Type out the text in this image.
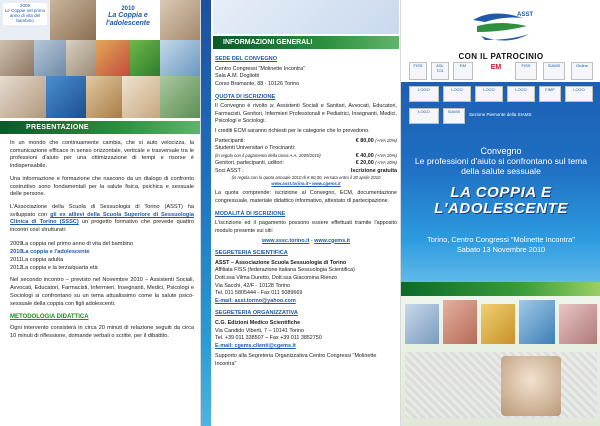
2009
Le Coppie nel primo anno di vita del bambino
2010
La Coppia e l'adolescente
PRESENTAZIONE

In un mondo che continuamente cambia, che si auto velocizza, la comunicazione efficace in senso orizzontale, verticale e trasversale tra le professioni d'aiuto per una ottimizzazione di tempi e risorse è indispensabile.

Una informazione e formazione che nascono da un dialogo di confronto costruttivo sono fondamentali per la salute fisica, psichica e sessuale delle persone.

L'Associazione della Scuola di Sessuologia di Torino (ASST) ha sviluppato con gli ex allievi della Scuola Superiore di Sessuologia Clinica di Torino (SSSC) un progetto formativo che prevede quattro incontri così strutturati:

2009 La coppia nel primo anno di vita del bambino
2010 La coppia e l'adolescente
2011 La coppia adulta
2012 La coppia e la terza/quarta età

Nel secondo incontro – previsto nel Novembre 2010 – Assistenti Sociali, Avvocati, Educatori, Farmacisti, Infermieri, Insegnanti, Medici, Psicologi e Sociologi si confrontano su un tema attualissimo come la salute psico-sessuale della coppia con figli adolescenti.

METODOLOGIA DIDATTICA

Ogni intervento consisterà in circa 20 minuti di relazione seguiti da circa 10 minuti di riflessione, domande verbali o scritte, per il dibattito.

INFORMAZIONI GENERALI
SEDE DEL CONVEGNO
Centro Congressi "Molinette Incontra"
Sala A.M. Dogliotti
Corso Bramante, 88 · 10126 Torino
QUOTA DI ISCRIZIONE

Il Convegno è rivolto a: Assistenti Sociali e Sanitari, Avvocati, Educatori, Farmacisti, Genitori, Infermieri Professionali e Pediatrici, Insegnanti, Medici, Psicologi e Sociologi.

I crediti ECM saranno richiesti per le categorie che lo prevedono.

Partecipanti:	€ 80,00 (+IVA 20%)
Studenti Universitari o Tirocinanti:
(in regola con il pagamento della tassa A.A. 2009/2010)	€ 40,00 (+IVA 20%)
Genitori, partecipanti, uditori:	€ 20,00 (+IVA 20%)
Soci ASST :	Iscrizione gratuita
(in regola con la quota annuale 2010 di € 60,00, versata entro il 30 aprile 2010
www.asst.torino.it • www.cgems.it

La quota comprende: iscrizione al Convegno, ECM, documentazione congressuale, materiale didattico informativo, attestato di partecipazione.

MODALITÀ DI ISCRIZIONE

L'iscrizione ed il pagamento possono essere effettuati tramite l'apposito modulo presente sui siti:

www.sssc.torino.it - www.cgems.it
SEGRETERIA SCIENTIFICA
ASST – Associazione Scuola Sessuologia di Torino
Affiliata FISS (federazione italiana Sessuologia Scientifica)
Dott.ssa Vilma Duretto, Dott.ssa Giacomina Rienzo
Via Sacchi, 42/F · 10128 Torino
Tel. 011 5805444 - Fax 011 5089669
E-mail: asst.torino@yahoo.com
SEGRETERIA ORGANIZZATIVA
C.G. Edizioni Medico Scientifiche
Via Candido Viberti, 7 – 10141 Torino
Tel. +39 011 338507 – Fax +39 011 3852750
E-mail: cgems.clienti@cgems.it
Supporto alla Segreteria Organizzativa Centro Congressi "Molinette Incontra"
ASST
CON IL PATROCINIO
FISS	ASL TO1
EM	EM	FISS	SIAMS	Ordine
LOGO	LOGO	LOGO	LOGO	FIMP	LOGO
LOGO	SIAMS
Sezione Piemonte della SIAMS
Convegno
Le professioni d'aiuto si confrontano sul tema della salute sessuale
LA COPPIA E
L'ADOLESCENTE
Torino, Centro Congressi "Molinette Incontra"
Sabato 13 Novembre 2010
